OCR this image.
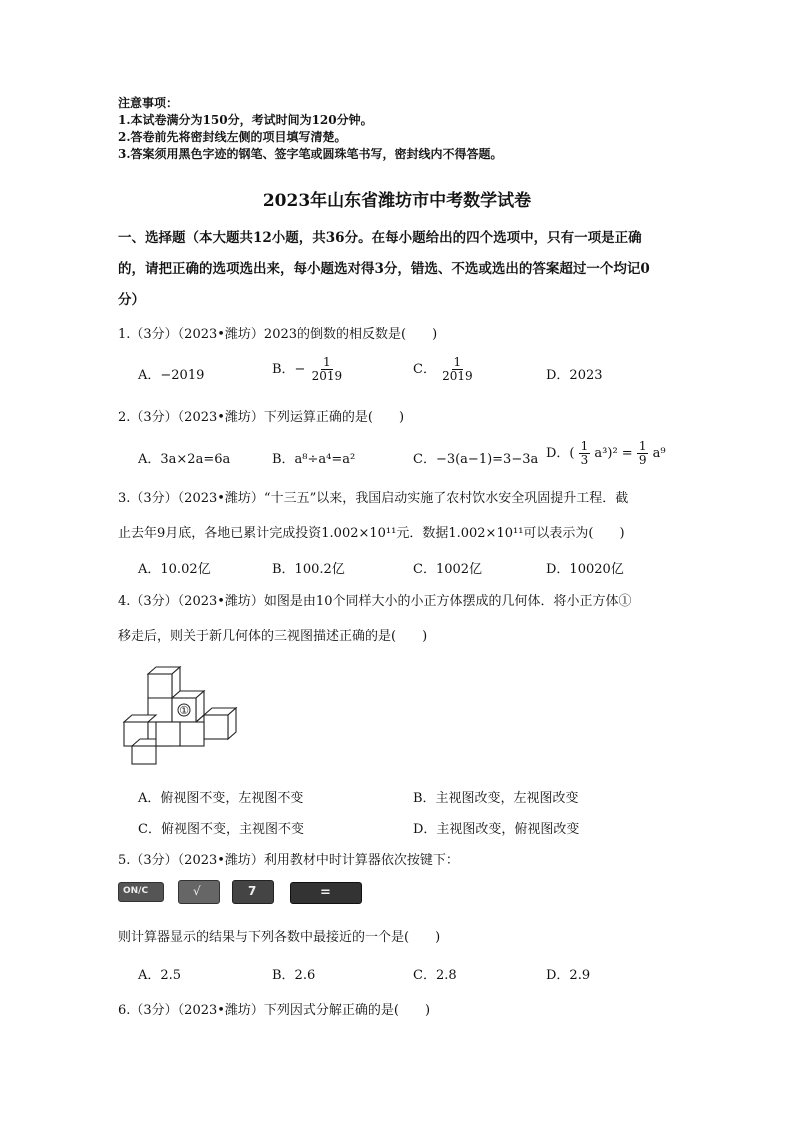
注意事项：
1.本试卷满分为150分，考试时间为120分钟。
2.答卷前先将密封线左侧的项目填写清楚。
3.答案须用黑色字迹的钢笔、签字笔或圆珠笔书写，密封线内不得答题。
2023年山东省潍坊市中考数学试卷
一、选择题（本大题共12小题，共36分。在每小题给出的四个选项中，只有一项是正确
的，请把正确的选项选出来，每小题选对得3分，错选、不选或选出的答案超过一个均记0
分）
1.（3分）（2023•潍坊）2023的倒数的相反数是(　　)
A．−2019	B．− $\frac{1}{2019}$	C． $\frac{1}{2019}$	D．2023
2.（3分）（2023•潍坊）下列运算正确的是(　　)
A．3a×2a=6a	B．a⁸÷a⁴=a²	C．−3(a−1)=3−3a D．( $\frac{1}{3} a^3)^2 = \frac{1}{9} a^9$
3.（3分）（2023•潍坊）“十三五”以来，我国启动实施了农村饮水安全巩固提升工程．截
止去年9月底，各地已累计完成投资1.002×10¹¹元．数据1.002×10¹¹可以表示为(　　)
A．10.02亿	B．100.2亿	C．1002亿	D．10020亿
4.（3分）（2023•潍坊）如图是由10个同样大小的小正方体摆成的几何体．将小正方体①
移走后，则关于新几何体的三视图描述正确的是(　　)
①
A．俯视图不变，左视图不变	B．主视图改变，左视图改变
C．俯视图不变，主视图不变	D．主视图改变，俯视图改变
5.（3分）（2023•潍坊）利用教材中时计算器依次按键下：
ON/C	√	7	=
则计算器显示的结果与下列各数中最接近的一个是(　　)
A．2.5	B．2.6	C．2.8	D．2.9
6.（3分）（2023•潍坊）下列因式分解正确的是(　　)
